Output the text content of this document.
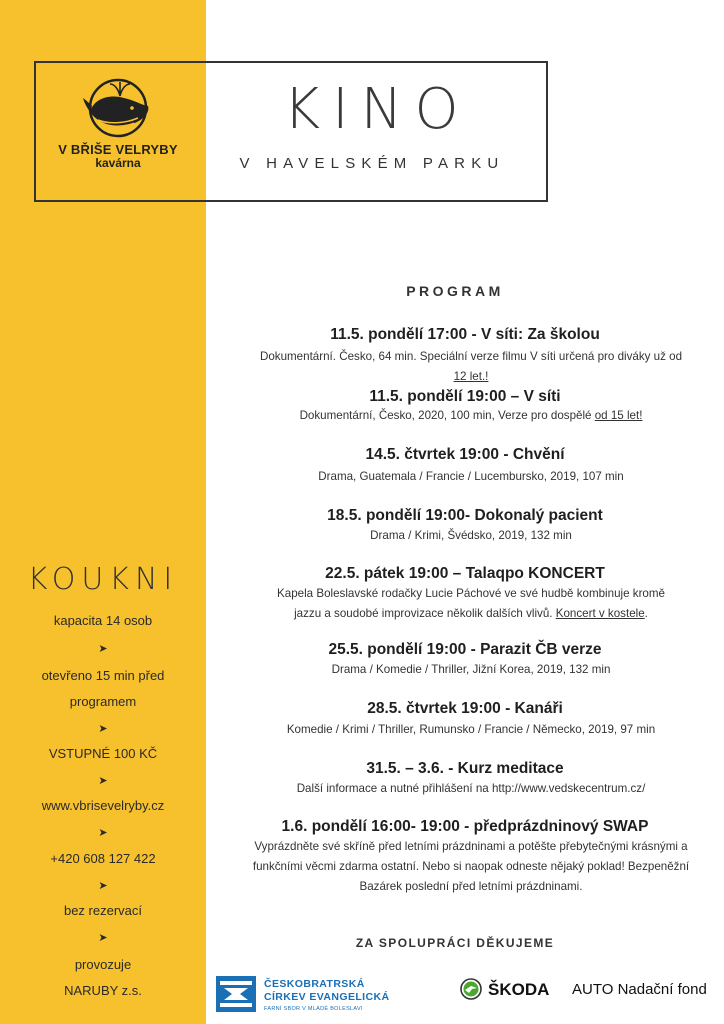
V BŘIŠE VELRYBY
kavárna
KINO
V HAVELSKÉM PARKU
PROGRAM
11.5. pondělí 17:00 - V síti: Za školou
Dokumentární. Česko, 64 min. Speciální verze filmu V síti určená pro diváky už od
12 let.!
11.5. pondělí 19:00 – V síti
Dokumentární, Česko, 2020, 100 min, Verze pro dospělé od 15 let!
14.5. čtvrtek 19:00 - Chvění
Drama, Guatemala / Francie / Lucembursko, 2019, 107 min
18.5. pondělí 19:00- Dokonalý pacient
Drama / Krimi, Švédsko, 2019, 132 min
22.5. pátek 19:00 – Talaqpo KONCERT
Kapela Boleslavské rodačky Lucie Páchové ve své hudbě kombinuje kromě
jazzu a soudobé improvizace několik dalších vlivů. Koncert v kostele.
25.5. pondělí 19:00 - Parazit ČB verze
Drama / Komedie / Thriller, Jižní Korea, 2019, 132 min
28.5. čtvrtek 19:00 - Kanáři
Komedie / Krimi / Thriller, Rumunsko / Francie / Německo, 2019, 97 min
31.5. – 3.6. - Kurz meditace
Další informace a nutné přihlášení na http://www.vedskecentrum.cz/
1.6. pondělí 16:00- 19:00 - předprázdninový SWAP
Vyprázdněte své skříně před letními prázdninami a potěšte přebytečnými krásnými a
funkčními věcmi zdarma ostatní. Nebo si naopak odneste nějaký poklad! Bezpeněžní
Bazárek poslední před letními prázdninami.
KOUKNI
kapacita 14 osob
➤
otevřeno 15 min před
programem
➤
VSTUPNÉ 100 KČ
➤
www.vbrisevelryby.cz
➤
+420 608 127 422
➤
bez rezervací
➤
provozuje
NARUBY z.s.
ZA SPOLUPRÁCI DĚKUJEME
ČESKOBRATRSKÁ
CÍRKEV EVANGELICKÁ
FARNÍ SBOR V MLADÉ BOLESLAVI
ŠKODA AUTO Nadační fond
